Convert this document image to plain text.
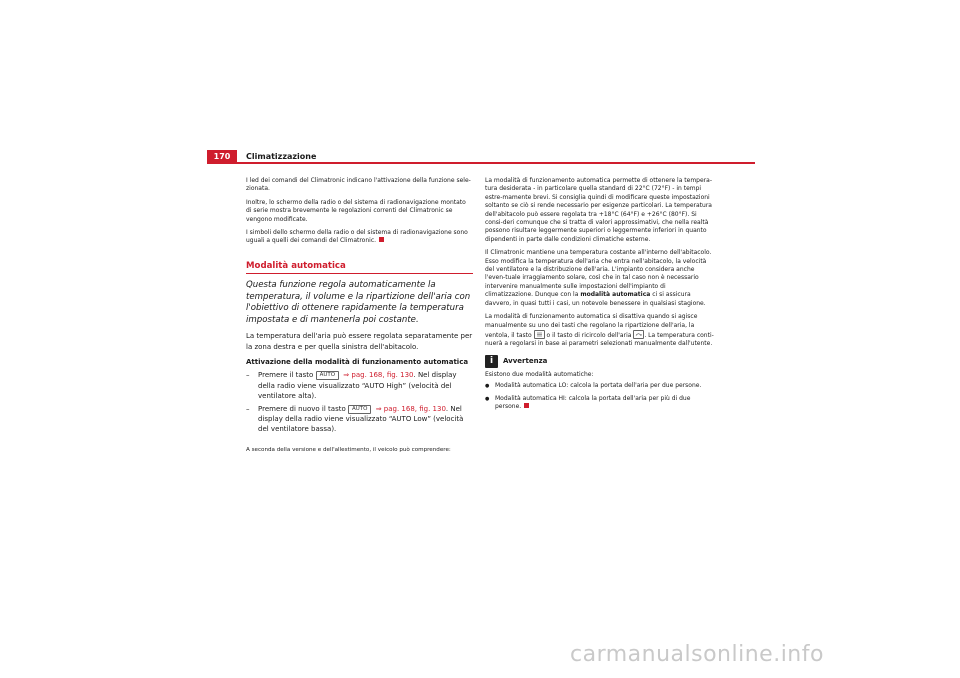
170	Climatizzazione

I led dei comandi del Climatronic indicano l'attivazione della funzione sele-zionata.

Inoltre, lo schermo della radio o del sistema di radionavigazione montato di serie mostra brevemente le regolazioni correnti del Climatronic se vengono modificate.

I simboli dello schermo della radio o del sistema di radionavigazione sono uguali a quelli dei comandi del Climatronic.

Modalità automatica

Questa funzione regola automaticamente la temperatura, il volume e la ripartizione dell'aria con l'obiettivo di ottenere rapidamente la temperatura impostata e di mantenerla poi costante.

La temperatura dell'aria può essere regolata separatamente per la zona destra e per quella sinistra dell'abitacolo.

Attivazione della modalità di funzionamento automatica
– Premere il tasto AUTO ⇒ pag. 168, fig. 130. Nel display della radio viene visualizzato “AUTO High” (velocità del ventilatore alta).
– Premere di nuovo il tasto AUTO ⇒ pag. 168, fig. 130. Nel display della radio viene visualizzato “AUTO Low” (velocità del ventilatore bassa).

A seconda della versione e dell'allestimento, il veicolo può comprendere:

La modalità di funzionamento automatica permette di ottenere la tempera-tura desiderata - in particolare quella standard di 22°C (72°F) - in tempi estre-mamente brevi. Si consiglia quindi di modificare queste impostazioni soltanto se ciò si rende necessario per esigenze particolari. La temperatura dell'abitacolo può essere regolata tra +18°C (64°F) e +26°C (80°F). Si consi-deri comunque che si tratta di valori approssimativi, che nella realtà possono risultare leggermente superiori o leggermente inferiori in quanto dipendenti in parte dalle condizioni climatiche esterne.

Il Climatronic mantiene una temperatura costante all'interno dell'abitacolo. Esso modifica la temperatura dell'aria che entra nell'abitacolo, la velocità del ventilatore e la distribuzione dell'aria. L'impianto considera anche l'even-tuale irraggiamento solare, così che in tal caso non è necessario intervenire manualmente sulle impostazioni dell'impianto di climatizzazione. Dunque con la modalità automatica ci si assicura davvero, in quasi tutti i casi, un notevole benessere in qualsiasi stagione.

La modalità di funzionamento automatica si disattiva quando si agisce manualmente su uno dei tasti che regolano la ripartizione dell'aria, la ventola, il tasto o il tasto di ricircolo dell'aria . La temperatura conti-nuerà a regolarsi in base ai parametri selezionati manualmente dall'utente.

i	Avvertenza

Esistono due modalità automatiche:

● Modalità automatica LO: calcola la portata dell'aria per due persone.
● Modalità automatica HI: calcola la portata dell'aria per più di due persone.
carmanualsonline.info
